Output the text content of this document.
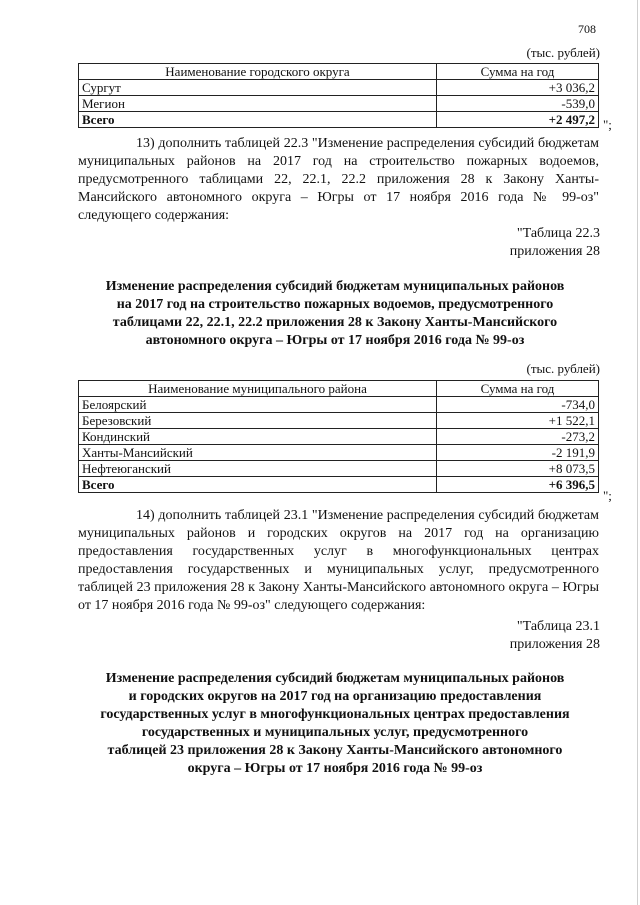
708
(тыс. рублей)
Наименование городского округа	Сумма на год
Сургут	+3 036,2
Мегион	-539,0
Всего	+2 497,2 ";
13) дополнить таблицей 22.3 "Изменение распределения субсидий бюджетам муниципальных районов на 2017 год на строительство пожарных водоемов, предусмотренного таблицами 22, 22.1, 22.2 приложения 28 к Закону Ханты-Мансийского автономного округа – Югры от 17 ноября 2016 года № 99-оз" следующего содержания:
"Таблица 22.3
приложения 28
Изменение распределения субсидий бюджетам муниципальных районов
на 2017 год на строительство пожарных водоемов, предусмотренного
таблицами 22, 22.1, 22.2 приложения 28 к Закону Ханты-Мансийского
автономного округа – Югры от 17 ноября 2016 года № 99-оз
(тыс. рублей)
Наименование муниципального района	Сумма на год
Белоярский	-734,0
Березовский	+1 522,1
Кондинский	-273,2
Ханты-Мансийский	-2 191,9
Нефтеюганский	+8 073,5
Всего	+6 396,5
";
14) дополнить таблицей 23.1 "Изменение распределения субсидий бюджетам муниципальных районов и городских округов на 2017 год на организацию предоставления государственных услуг в многофункциональных центрах предоставления государственных и муниципальных услуг, предусмотренного таблицей 23 приложения 28 к Закону Ханты-Мансийского автономного округа – Югры от 17 ноября 2016 года № 99-оз" следующего содержания:
"Таблица 23.1
приложения 28
Изменение распределения субсидий бюджетам муниципальных районов
и городских округов на 2017 год на организацию предоставления
государственных услуг в многофункциональных центрах предоставления
государственных и муниципальных услуг, предусмотренного
таблицей 23 приложения 28 к Закону Ханты-Мансийского автономного
округа – Югры от 17 ноября 2016 года № 99-оз
